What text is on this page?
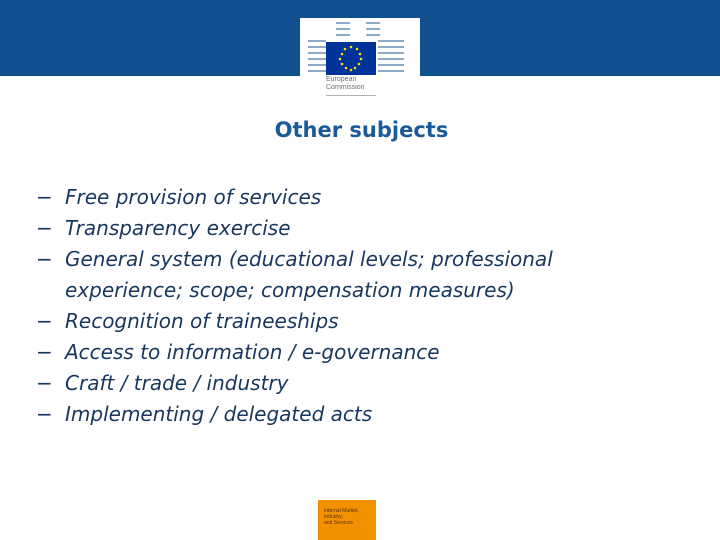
European
Commission
Other subjects
− Free provision of services
− Transparency exercise
− General system (educational levels; professional
experience; scope; compensation measures)
− Recognition of traineeships
− Access to information / e-governance
− Craft / trade / industry
− Implementing / delegated acts
Internal Market,
Industry,
and Services
